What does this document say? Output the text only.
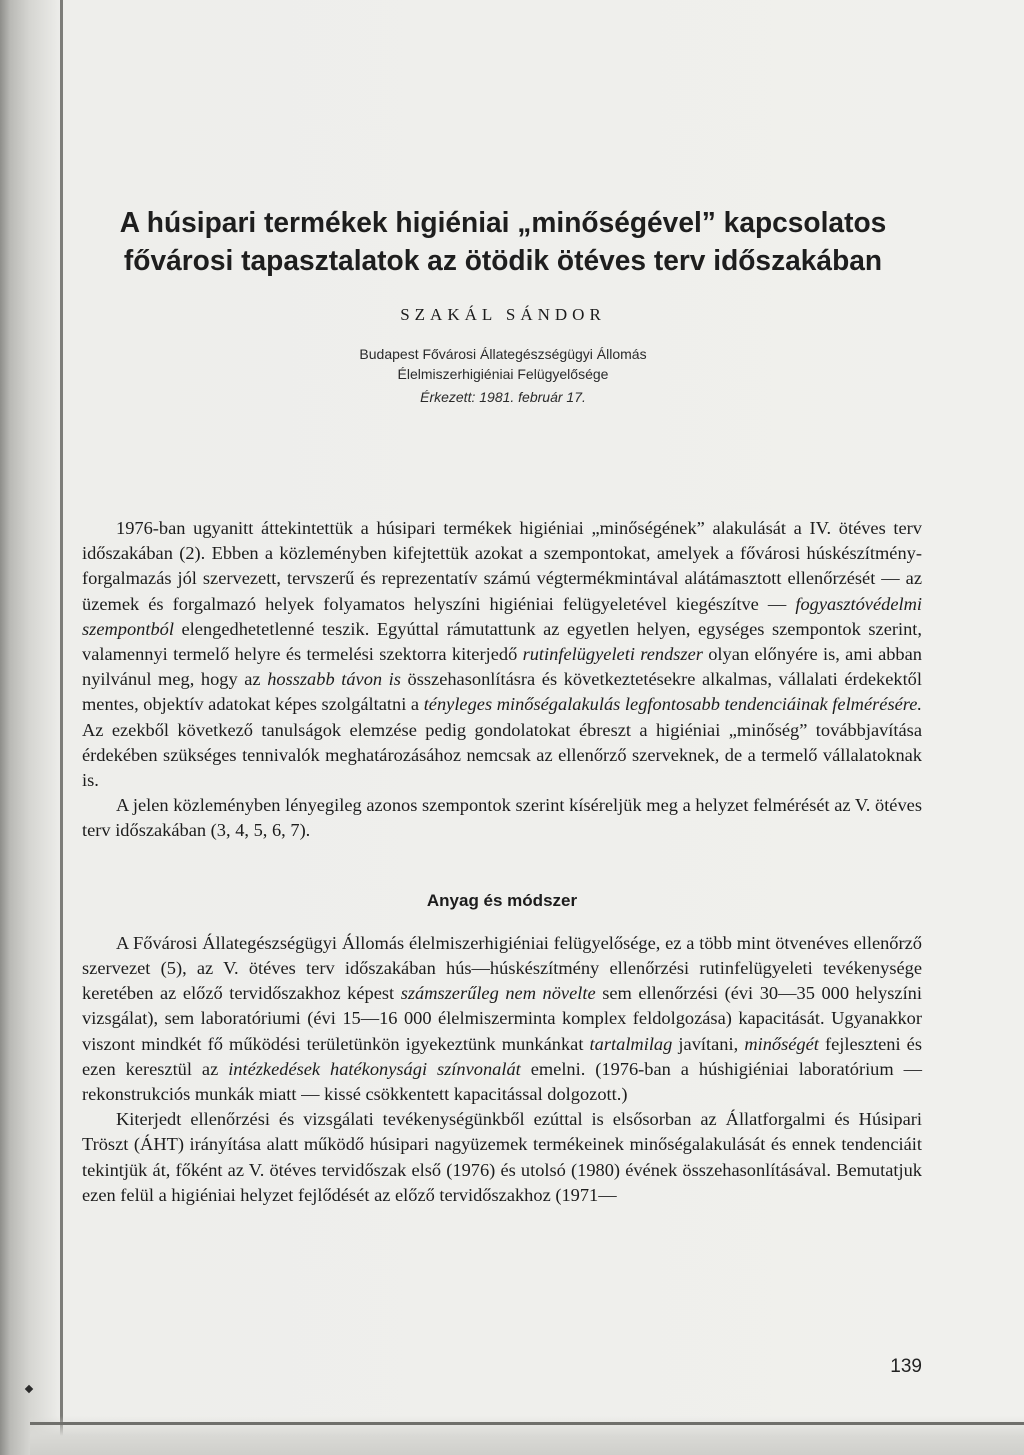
A húsipari termékek higiéniai „minőségével” kapcsolatos
fővárosi tapasztalatok az ötödik ötéves terv időszakában
SZAKÁL SÁNDOR
Budapest Fővárosi Állategészségügyi Állomás
Élelmiszerhigiéniai Felügyelősége
Érkezett: 1981. február 17.

1976-ban ugyanitt áttekintettük a húsipari termékek higiéniai „minőségének” alakulását a IV. ötéves terv időszakában (2). Ebben a közleményben kifejtettük azokat a szempontokat, amelyek a fővárosi húskészítmény-forgalmazás jól szervezett, tervszerű és reprezentatív számú végtermékmintával alátámasztott ellenőrzését — az üzemek és forgalmazó helyek folyamatos helyszíni higiéniai felügyeletével kiegészítve — fogyasztóvédelmi szempontból elengedhetetlenné teszik. Egyúttal rámutattunk az egyetlen helyen, egységes szempontok szerint, valamennyi termelő helyre és termelési szektorra kiterjedő rutinfelügyeleti rendszer olyan előnyére is, ami abban nyilvánul meg, hogy az hosszabb távon is összehasonlításra és következtetésekre alkalmas, vállalati érdekektől mentes, objektív adatokat képes szolgáltatni a tényleges minőségalakulás legfontosabb tendenciáinak felmérésére. Az ezekből következő tanulságok elemzése pedig gondolatokat ébreszt a higiéniai „minőség” továbbjavítása érdekében szükséges tennivalók meghatározásához nemcsak az ellenőrző szerveknek, de a termelő vállalatoknak is.

A jelen közleményben lényegileg azonos szempontok szerint kíséreljük meg a helyzet felmérését az V. ötéves terv időszakában (3, 4, 5, 6, 7).

Anyag és módszer

A Fővárosi Állategészségügyi Állomás élelmiszerhigiéniai felügyelősége, ez a több mint ötvenéves ellenőrző szervezet (5), az V. ötéves terv időszakában hús—húskészítmény ellenőrzési rutinfelügyeleti tevékenysége keretében az előző tervidőszakhoz képest számszerűleg nem növelte sem ellenőrzési (évi 30—35 000 helyszíni vizsgálat), sem laboratóriumi (évi 15—16 000 élelmiszerminta komplex feldolgozása) kapacitását. Ugyanakkor viszont mindkét fő működési területünkön igyekeztünk munkánkat tartalmilag javítani, minőségét fejleszteni és ezen keresztül az intézkedések hatékonysági színvonalát emelni. (1976-ban a húshigiéniai laboratórium — rekonstrukciós munkák miatt — kissé csökkentett kapacitással dolgozott.)

Kiterjedt ellenőrzési és vizsgálati tevékenységünkből ezúttal is elsősorban az Állatforgalmi és Húsipari Tröszt (ÁHT) irányítása alatt működő húsipari nagyüzemek termékeinek minőségalakulását és ennek tendenciáit tekintjük át, főként az V. ötéves tervidőszak első (1976) és utolsó (1980) évének összehasonlításával. Bemutatjuk ezen felül a higiéniai helyzet fejlődését az előző tervidőszakhoz (1971—

139
